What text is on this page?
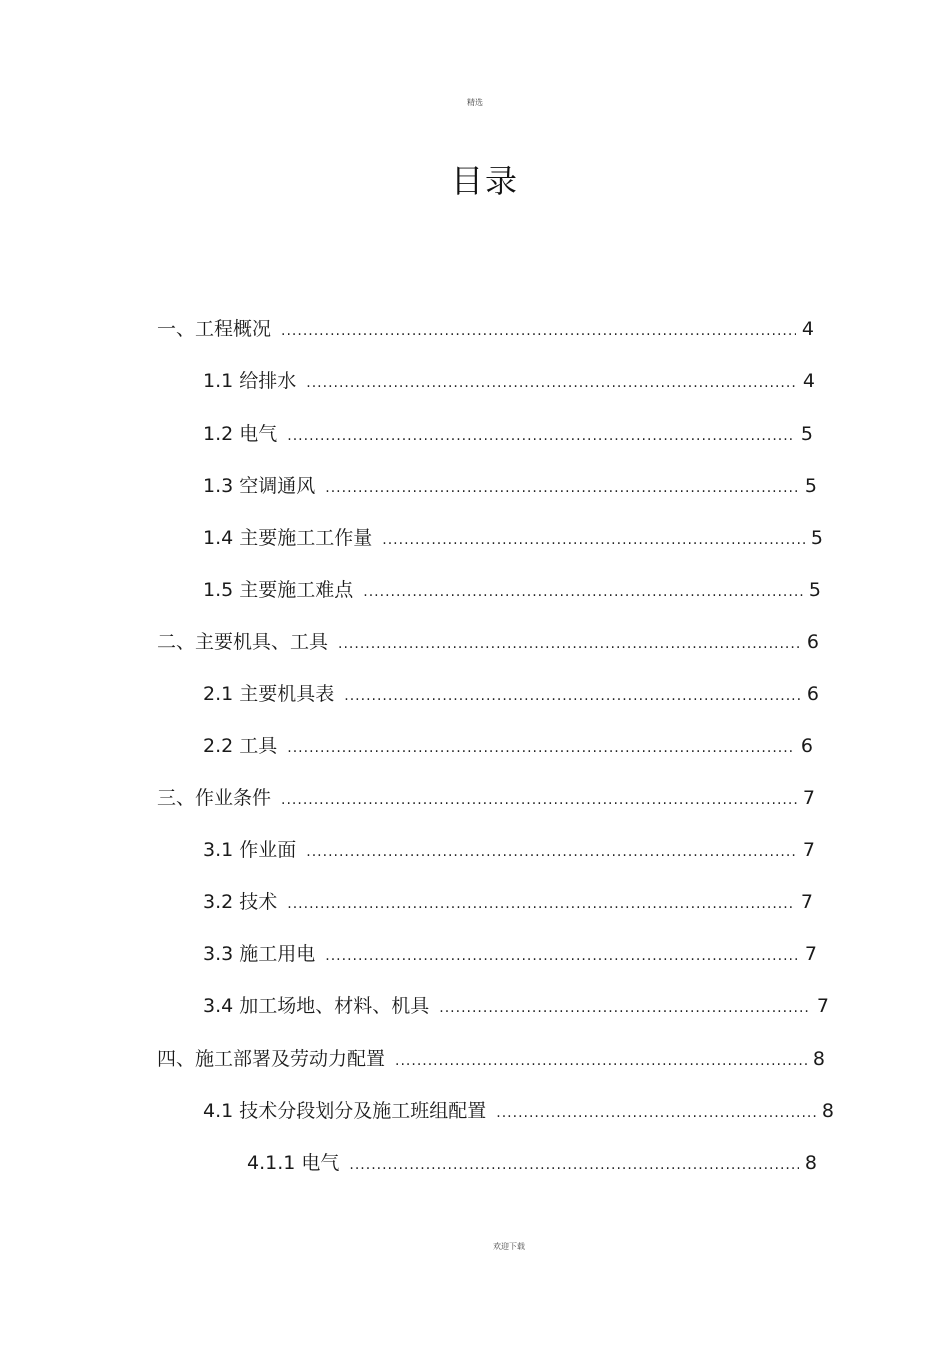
精选
目录
一、工程概况 .....	4
1.1 给排水 .....	4
1.2 电气 .....	5
1.3 空调通风 .....	5
1.4 主要施工工作量 .....	5
1.5 主要施工难点 .....	5
二、主要机具、工具 .....	6
2.1 主要机具表 .....	6
2.2 工具 .....	6
三、作业条件 .....	7
3.1 作业面 .....	7
3.2 技术 .....	7
3.3 施工用电 .....	7
3.4 加工场地、材料、机具 .....	7
四、施工部署及劳动力配置 .....	8
4.1 技术分段划分及施工班组配置 .....	8
4.1.1 电气 .....	8
欢迎下载
